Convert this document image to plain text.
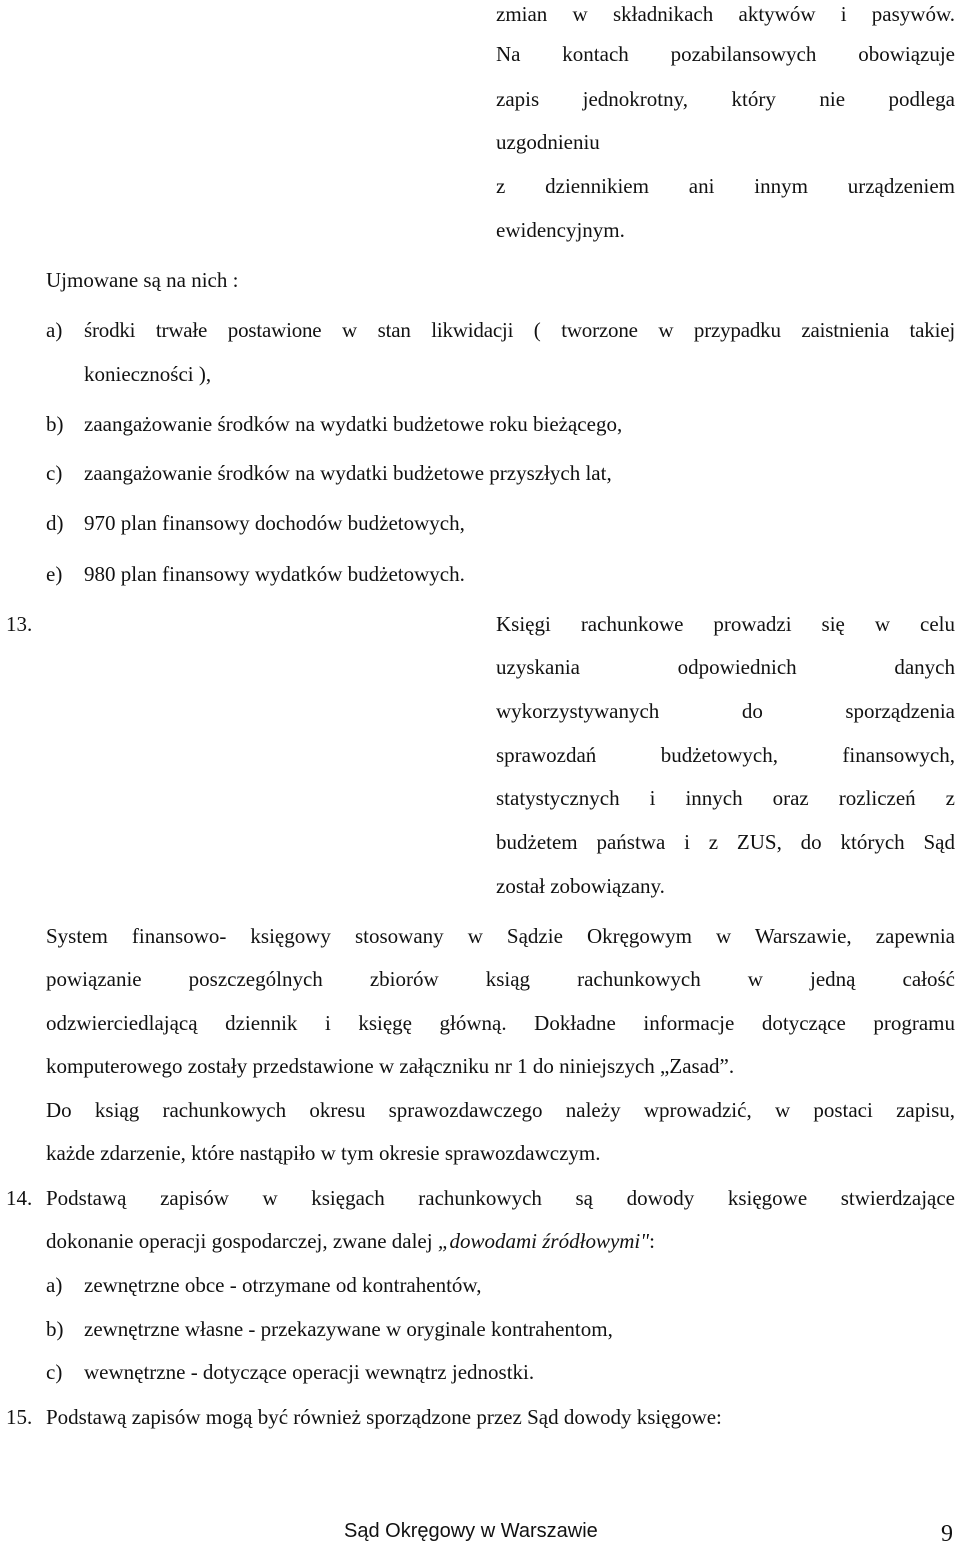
zmian w składnikach aktywów i pasywów.
Na kontach pozabilansowych obowiązuje
zapis jednokrotny, który nie podlega
uzgodnieniu
z dziennikiem ani innym urządzeniem
ewidencyjnym.
Ujmowane są na nich :
a) środki trwałe postawione w stan likwidacji ( tworzone w przypadku zaistnienia takiej
konieczności ),
b) zaangażowanie środków na wydatki budżetowe roku bieżącego,
c) zaangażowanie środków na wydatki budżetowe przyszłych lat,
d) 970 plan finansowy dochodów budżetowych,
e) 980 plan finansowy wydatków budżetowych.
13.	Księgi rachunkowe prowadzi się w celu
uzyskania odpowiednich danych
wykorzystywanych do sporządzenia
sprawozdań budżetowych, finansowych,
statystycznych i innych oraz rozliczeń z
budżetem państwa i z ZUS, do których Sąd
został zobowiązany.
System finansowo- księgowy stosowany w Sądzie Okręgowym w Warszawie, zapewnia
powiązanie poszczególnych zbiorów ksiąg rachunkowych w jedną całość
odzwierciedlającą dziennik i księgę główną. Dokładne informacje dotyczące programu
komputerowego zostały przedstawione w załączniku nr 1 do niniejszych „Zasad”.
Do ksiąg rachunkowych okresu sprawozdawczego należy wprowadzić, w postaci zapisu,
każde zdarzenie, które nastąpiło w tym okresie sprawozdawczym.
14. Podstawą zapisów w księgach rachunkowych są dowody księgowe stwierdzające
dokonanie operacji gospodarczej, zwane dalej „dowodami źródłowymi":
a) zewnętrzne obce - otrzymane od kontrahentów,
b) zewnętrzne własne - przekazywane w oryginale kontrahentom,
c) wewnętrzne - dotyczące operacji wewnątrz jednostki.
15. Podstawą zapisów mogą być również sporządzone przez Sąd dowody księgowe:
Sąd Okręgowy w Warszawie	9
